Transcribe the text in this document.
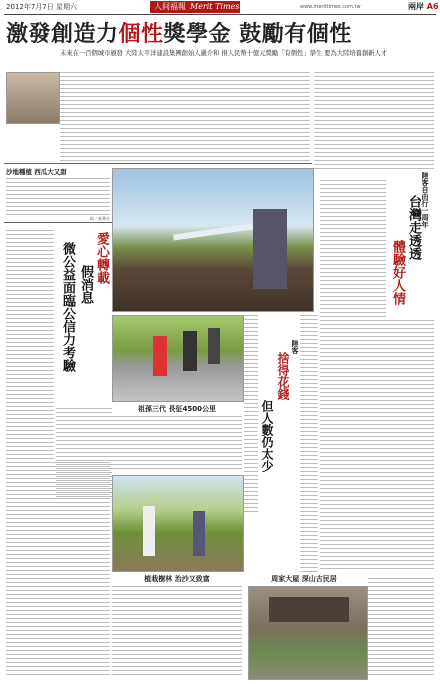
2012年7月7日 星期六	人间福報 Merit Times	www.merittimes.com.tw	兩岸 A6
激發創造力個性獎學金 鼓勵有個性
未來在一百個城市頒發 大陸太平洋建設集團創始人嚴介和 捐人民幣十億元獎勵「有個性」學生 要為大陸培養創新人才
沙地種植 西瓜大又甜
綜／新華社
愛心轉載
假消息
微公益面臨公信力考驗
祖孫三代 長征4500公里
陸客
捨得花錢
但人數仍太少
陸客自由行一周年
台灣走透透
體驗好人情
植栽樹林 治沙又致富	周家大屋 深山古民居
